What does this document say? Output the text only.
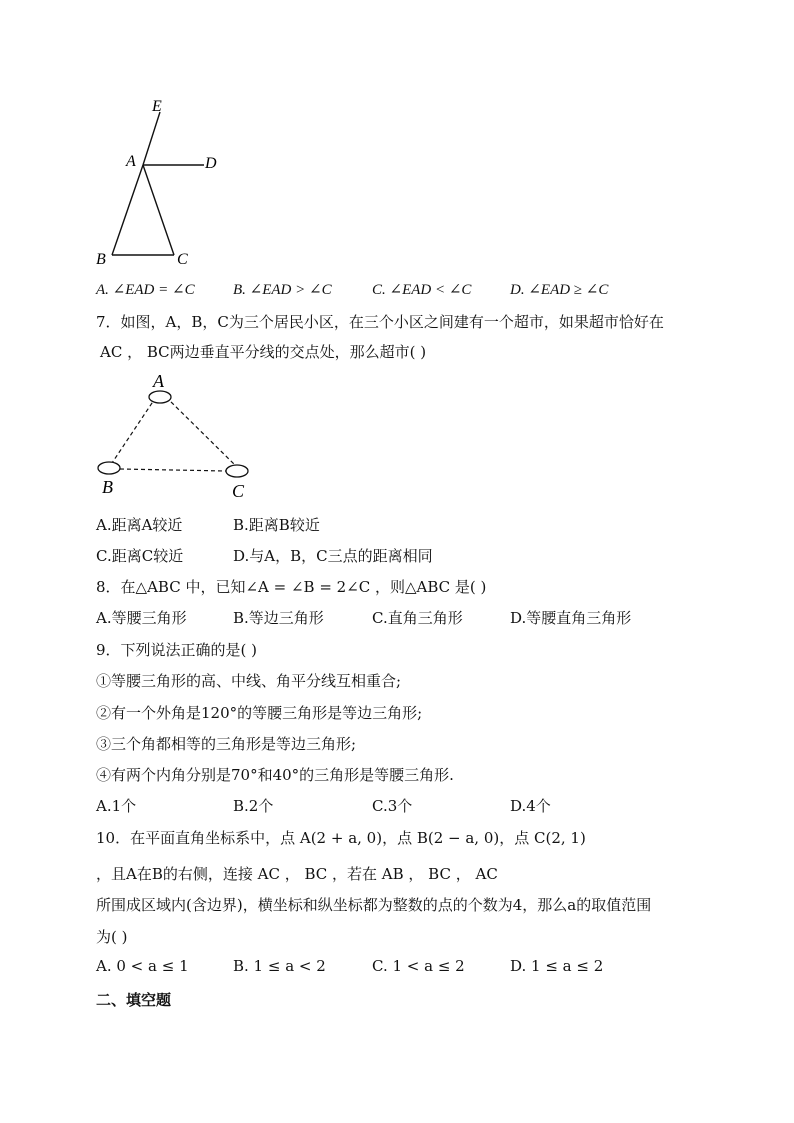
E
A	D
B	C
A. ∠EAD = ∠C	B. ∠EAD > ∠C	C. ∠EAD < ∠C	D. ∠EAD ≥ ∠C
7．如图，A，B，C为三个居民小区，在三个小区之间建有一个超市，如果超市恰好在
AC ， BC两边垂直平分线的交点处，那么超市( )
A
B	C
A.距离A较近	B.距离B较近
C.距离C较近	D.与A，B，C三点的距离相同
8．在△ABC 中，已知∠A = ∠B = 2∠C ，则△ABC 是( )
A.等腰三角形	B.等边三角形	C.直角三角形	D.等腰直角三角形
9．下列说法正确的是( )
①等腰三角形的高、中线、角平分线互相重合;
②有一个外角是120°的等腰三角形是等边三角形;
③三个角都相等的三角形是等边三角形;
④有两个内角分别是70°和40°的三角形是等腰三角形.
A.1个	B.2个	C.3个	D.4个
10．在平面直角坐标系中，点 A(2 + a, 0)，点 B(2 − a, 0)，点 C(2, 1)
，且A在B的右侧，连接 AC ， BC ，若在 AB ， BC ， AC
所围成区域内(含边界)，横坐标和纵坐标都为整数的点的个数为4，那么a的取值范围
为( )
A. 0 < a ≤ 1	B. 1 ≤ a < 2	C. 1 < a ≤ 2	D. 1 ≤ a ≤ 2
二、填空题
